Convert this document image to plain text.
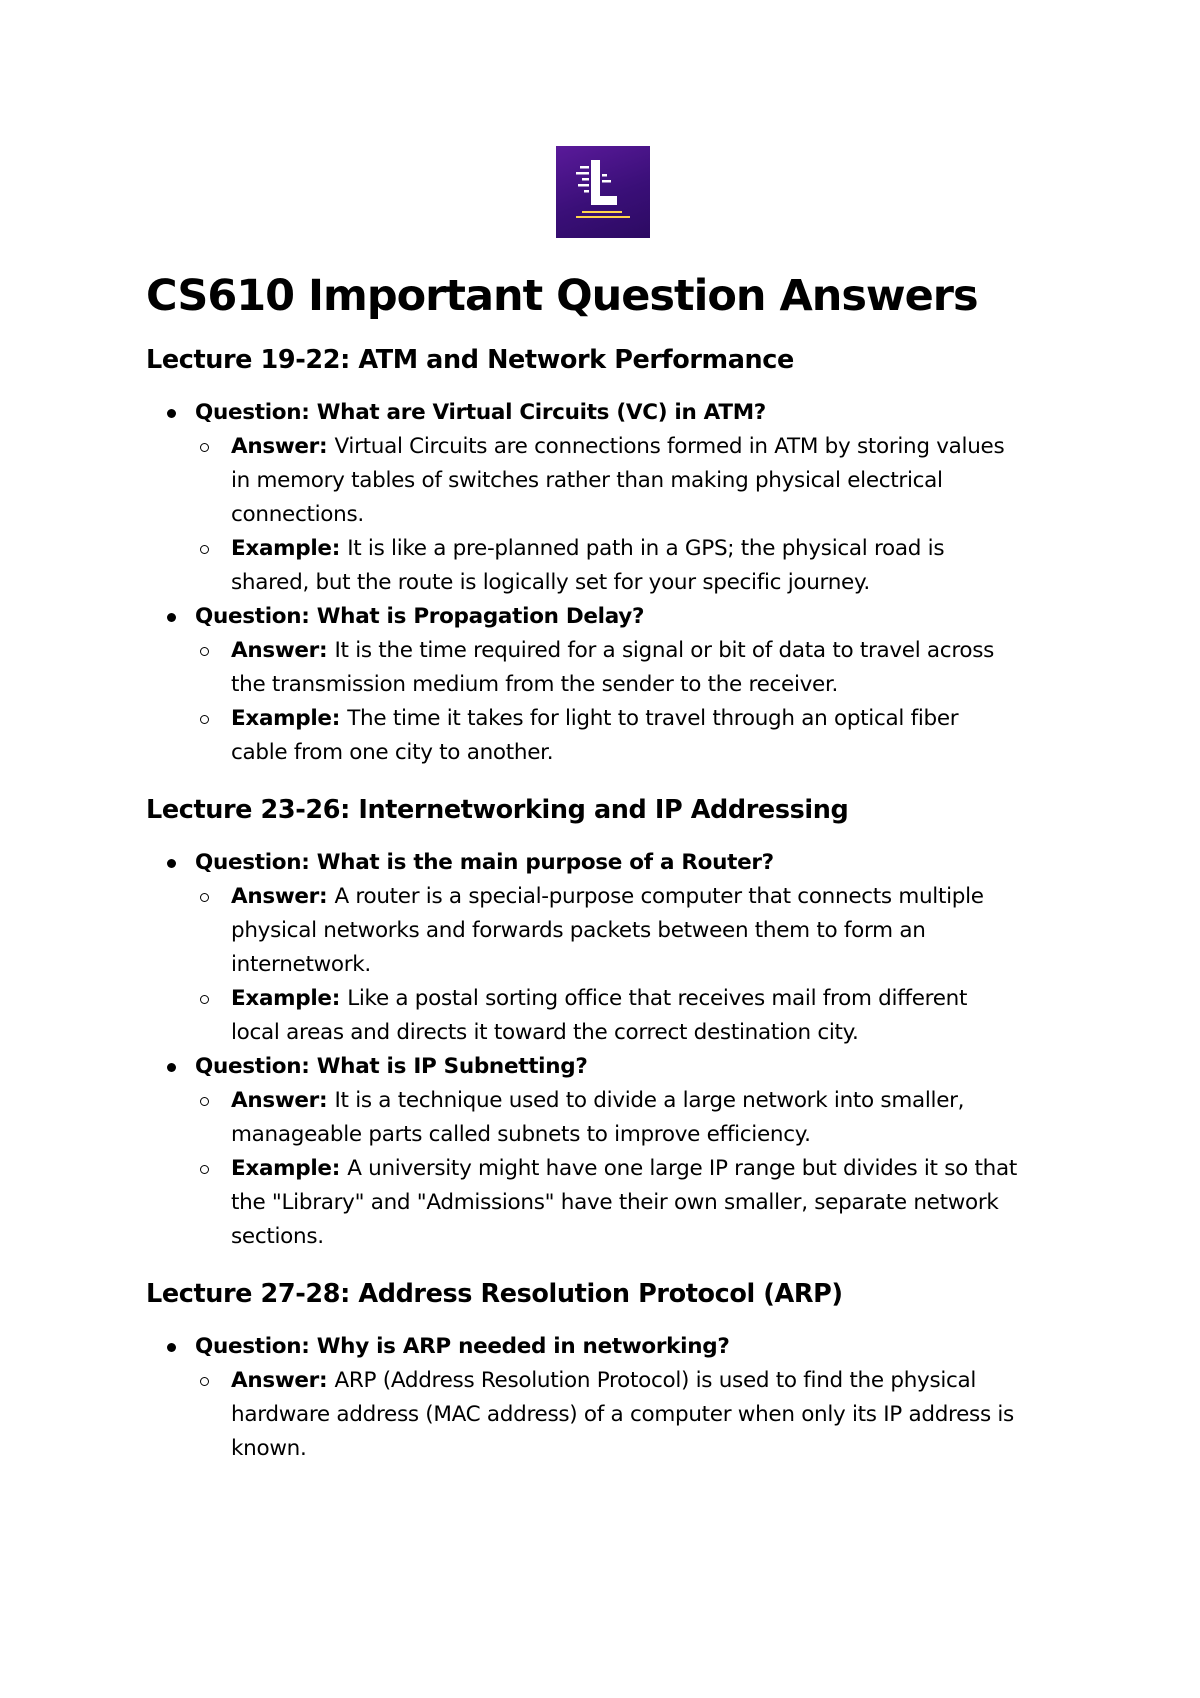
CS610 Important Question Answers
Lecture 19-22: ATM and Network Performance
Question: What are Virtual Circuits (VC) in ATM?
Answer: Virtual Circuits are connections formed in ATM by storing values in memory tables of switches rather than making physical electrical connections.
Example: It is like a pre-planned path in a GPS; the physical road is shared, but the route is logically set for your specific journey.
Question: What is Propagation Delay?
Answer: It is the time required for a signal or bit of data to travel across the transmission medium from the sender to the receiver.
Example: The time it takes for light to travel through an optical fiber cable from one city to another.
Lecture 23-26: Internetworking and IP Addressing
Question: What is the main purpose of a Router?
Answer: A router is a special-purpose computer that connects multiple physical networks and forwards packets between them to form an internetwork.
Example: Like a postal sorting office that receives mail from different local areas and directs it toward the correct destination city.
Question: What is IP Subnetting?
Answer: It is a technique used to divide a large network into smaller, manageable parts called subnets to improve efficiency.
Example: A university might have one large IP range but divides it so that the "Library" and "Admissions" have their own smaller, separate network sections.
Lecture 27-28: Address Resolution Protocol (ARP)
Question: Why is ARP needed in networking?
Answer: ARP (Address Resolution Protocol) is used to find the physical hardware address (MAC address) of a computer when only its IP address is known.
